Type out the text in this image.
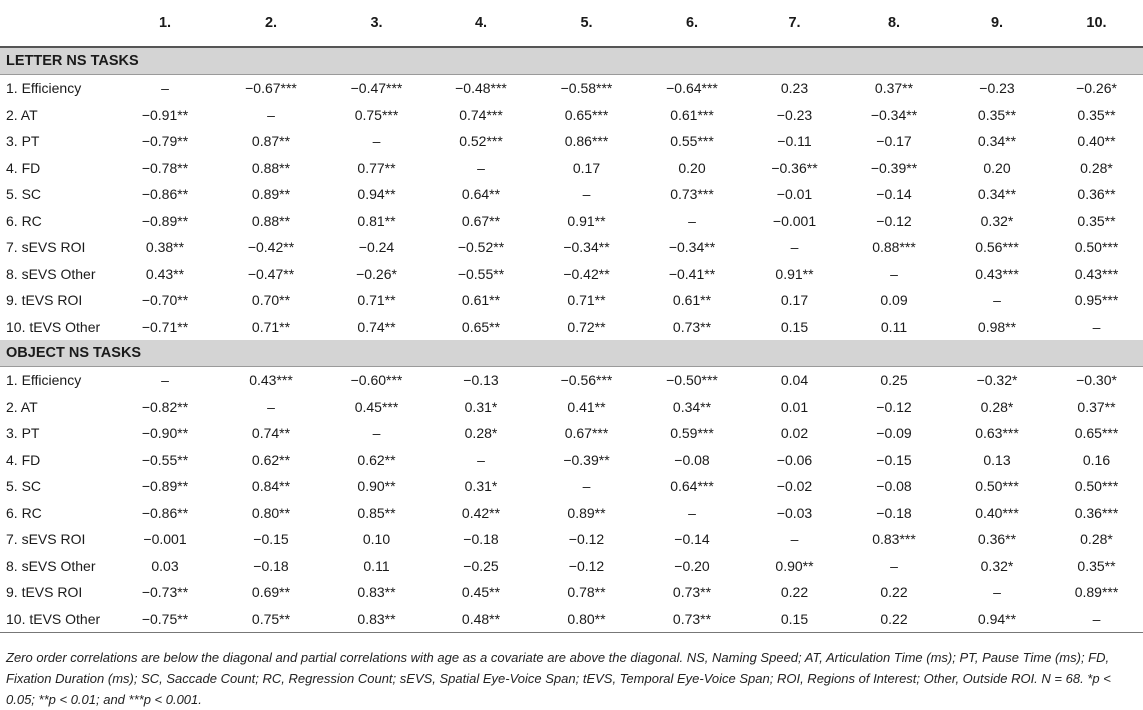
	1.	2.	3.	4.	5.	6.	7.	8.	9.	10.
LETTER NS TASKS										
1. Efficiency	–	−0.67***	−0.47***	−0.48***	−0.58***	−0.64***	0.23	0.37**	−0.23	−0.26*
2. AT	−0.91**	–	0.75***	0.74***	0.65***	0.61***	−0.23	−0.34**	0.35**	0.35**
3. PT	−0.79**	0.87**	–	0.52***	0.86***	0.55***	−0.11	−0.17	0.34**	0.40**
4. FD	−0.78**	0.88**	0.77**	–	0.17	0.20	−0.36**	−0.39**	0.20	0.28*
5. SC	−0.86**	0.89**	0.94**	0.64**	–	0.73***	−0.01	−0.14	0.34**	0.36**
6. RC	−0.89**	0.88**	0.81**	0.67**	0.91**	–	−0.001	−0.12	0.32*	0.35**
7. sEVS ROI	0.38**	−0.42**	−0.24	−0.52**	−0.34**	−0.34**	–	0.88***	0.56***	0.50***
8. sEVS Other	0.43**	−0.47**	−0.26*	−0.55**	−0.42**	−0.41**	0.91**	–	0.43***	0.43***
9. tEVS ROI	−0.70**	0.70**	0.71**	0.61**	0.71**	0.61**	0.17	0.09	–	0.95***
10. tEVS Other	−0.71**	0.71**	0.74**	0.65**	0.72**	0.73**	0.15	0.11	0.98**	–
OBJECT NS TASKS										
1. Efficiency	–	0.43***	−0.60***	−0.13	−0.56***	−0.50***	0.04	0.25	−0.32*	−0.30*
2. AT	−0.82**	–	0.45***	0.31*	0.41**	0.34**	0.01	−0.12	0.28*	0.37**
3. PT	−0.90**	0.74**	–	0.28*	0.67***	0.59***	0.02	−0.09	0.63***	0.65***
4. FD	−0.55**	0.62**	0.62**	–	−0.39**	−0.08	−0.06	−0.15	0.13	0.16
5. SC	−0.89**	0.84**	0.90**	0.31*	–	0.64***	−0.02	−0.08	0.50***	0.50***
6. RC	−0.86**	0.80**	0.85**	0.42**	0.89**	–	−0.03	−0.18	0.40***	0.36***
7. sEVS ROI	−0.001	−0.15	0.10	−0.18	−0.12	−0.14	–	0.83***	0.36**	0.28*
8. sEVS Other	0.03	−0.18	0.11	−0.25	−0.12	−0.20	0.90**	–	0.32*	0.35**
9. tEVS ROI	−0.73**	0.69**	0.83**	0.45**	0.78**	0.73**	0.22	0.22	–	0.89***
10. tEVS Other	−0.75**	0.75**	0.83**	0.48**	0.80**	0.73**	0.15	0.22	0.94**	–
Zero order correlations are below the diagonal and partial correlations with age as a covariate are above the diagonal. NS, Naming Speed; AT, Articulation Time (ms); PT, Pause Time (ms); FD, Fixation Duration (ms); SC, Saccade Count; RC, Regression Count; sEVS, Spatial Eye-Voice Span; tEVS, Temporal Eye-Voice Span; ROI, Regions of Interest; Other, Outside ROI. N = 68. *p < 0.05; **p < 0.01; and ***p < 0.001.
